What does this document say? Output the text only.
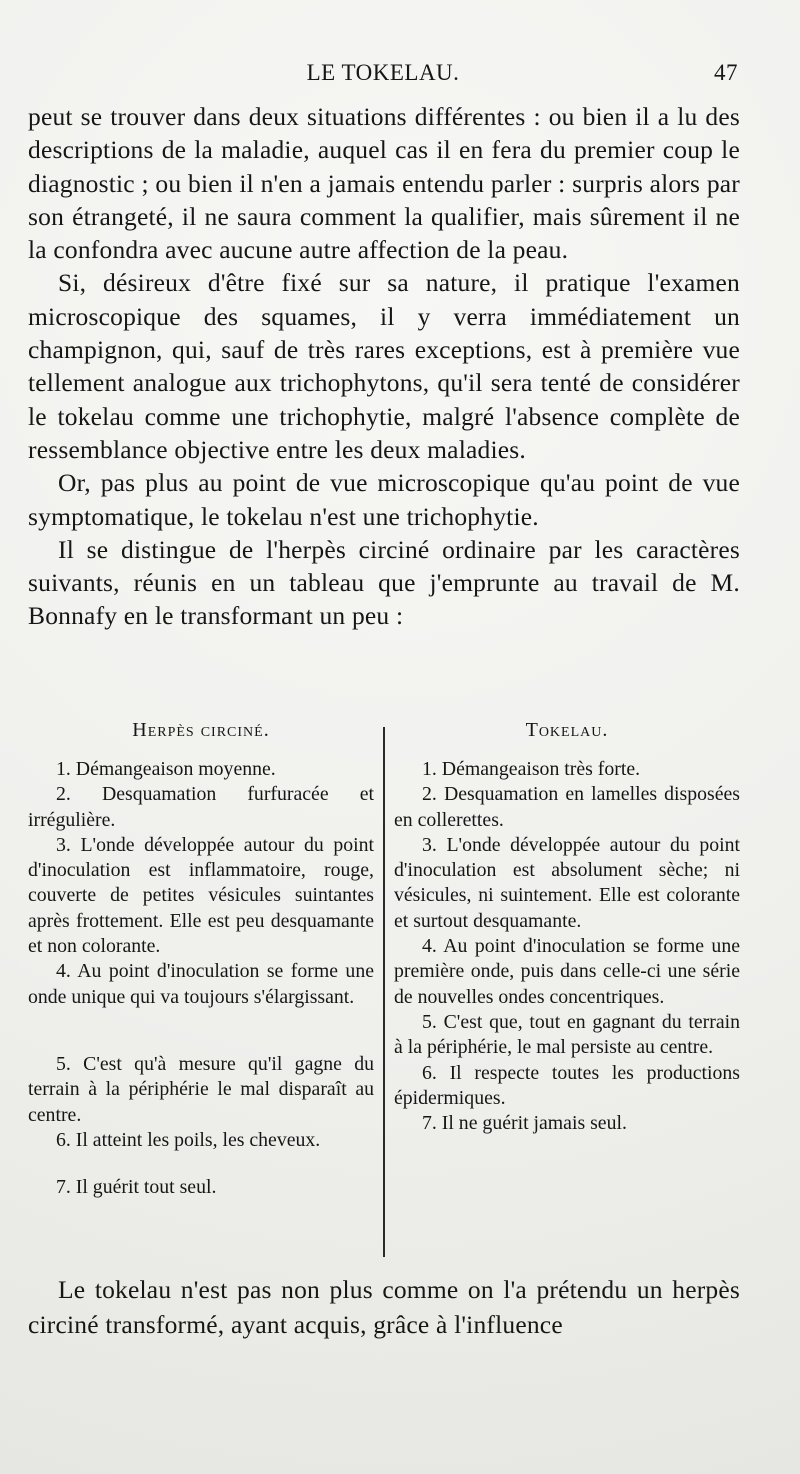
LE TOKELAU.	47

peut se trouver dans deux situations différentes : ou bien il a lu des descriptions de la maladie, auquel cas il en fera du premier coup le diagnostic ; ou bien il n'en a jamais entendu parler : surpris alors par son étrangeté, il ne saura comment la qualifier, mais sûrement il ne la confondra avec aucune autre affection de la peau.

Si, désireux d'être fixé sur sa nature, il pratique l'examen microscopique des squames, il y verra immédiatement un champignon, qui, sauf de très rares exceptions, est à première vue tellement analogue aux trichophytons, qu'il sera tenté de considérer le tokelau comme une trichophytie, malgré l'absence complète de ressemblance objective entre les deux maladies.

Or, pas plus au point de vue microscopique qu'au point de vue symptomatique, le tokelau n'est une trichophytie.

Il se distingue de l'herpès circiné ordinaire par les caractères suivants, réunis en un tableau que j'emprunte au travail de M. Bonnafy en le transformant un peu :

Herpès circiné.

1. Démangeaison moyenne.

2. Desquamation furfuracée et irrégulière.

3. L'onde développée autour du point d'inoculation est inflammatoire, rouge, couverte de petites vésicules suintantes après frottement. Elle est peu desquamante et non colorante.

4. Au point d'inoculation se forme une onde unique qui va toujours s'élargissant.

5. C'est qu'à mesure qu'il gagne du terrain à la périphérie le mal disparaît au centre.

6. Il atteint les poils, les cheveux.

7. Il guérit tout seul.

Tokelau.

1. Démangeaison très forte.

2. Desquamation en lamelles disposées en collerettes.

3. L'onde développée autour du point d'inoculation est absolument sèche; ni vésicules, ni suintement. Elle est colorante et surtout desquamante.

4. Au point d'inoculation se forme une première onde, puis dans celle-ci une série de nouvelles ondes concentriques.

5. C'est que, tout en gagnant du terrain à la périphérie, le mal persiste au centre.

6. Il respecte toutes les productions épidermiques.

7. Il ne guérit jamais seul.

Le tokelau n'est pas non plus comme on l'a prétendu un herpès circiné transformé, ayant acquis, grâce à l'influence
